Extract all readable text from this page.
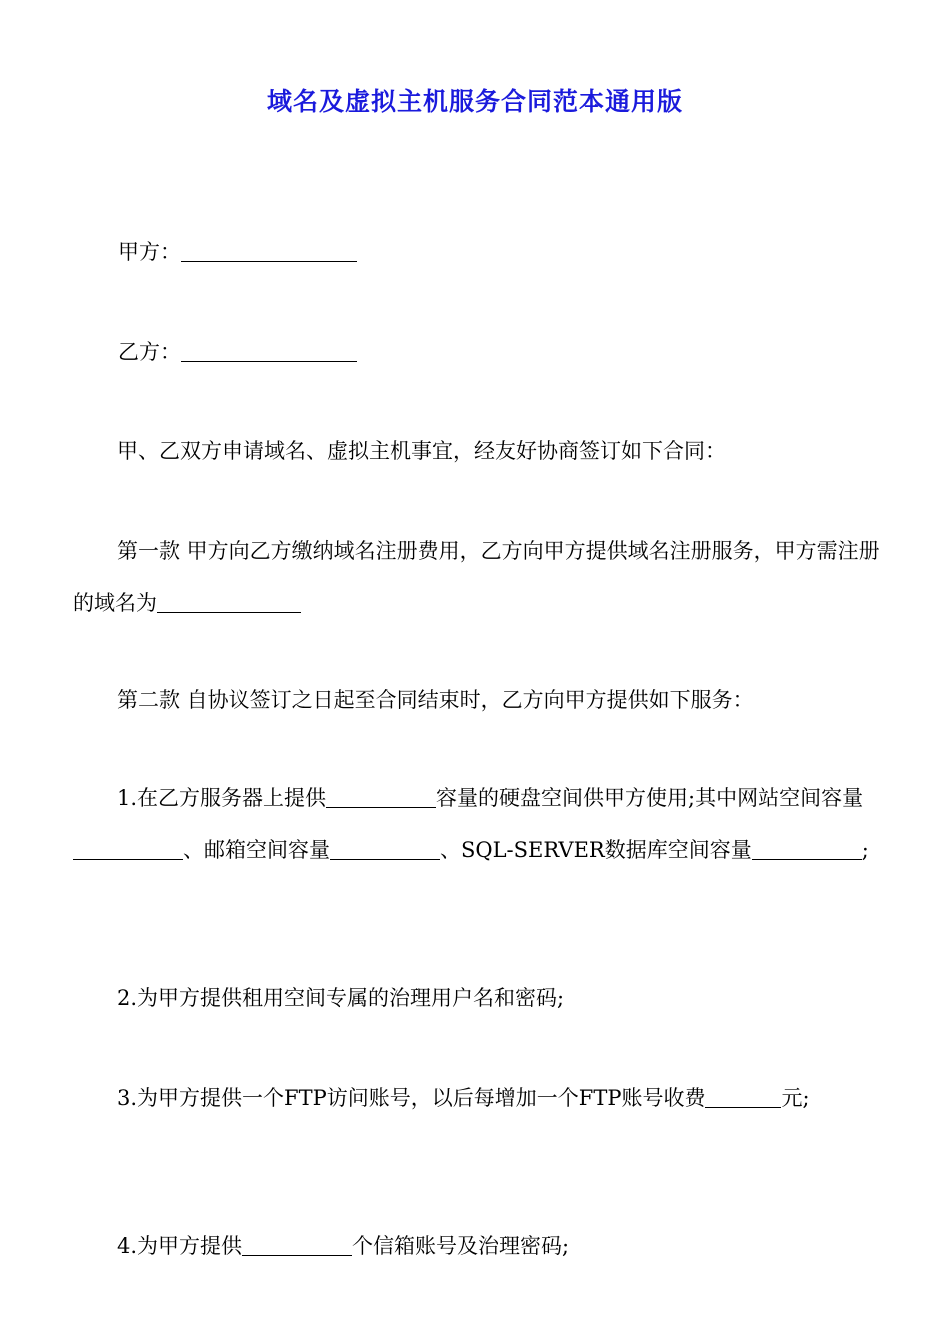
域名及虚拟主机服务合同范本通用版
甲方：
乙方：
甲、乙双方申请域名、虚拟主机事宜，经友好协商签订如下合同：
第一款 甲方向乙方缴纳域名注册费用，乙方向甲方提供域名注册服务，甲方需注册的域名为
第二款 自协议签订之日起至合同结束时，乙方向甲方提供如下服务：
1.在乙方服务器上提供	容量的硬盘空间供甲方使用;其中网站空间容量、邮箱空间容量	、SQL-SERVER数据库空间容量	;
2.为甲方提供租用空间专属的治理用户名和密码;
3.为甲方提供一个FTP访问账号，以后每增加一个FTP账号收费	元;
4.为甲方提供	个信箱账号及治理密码;
